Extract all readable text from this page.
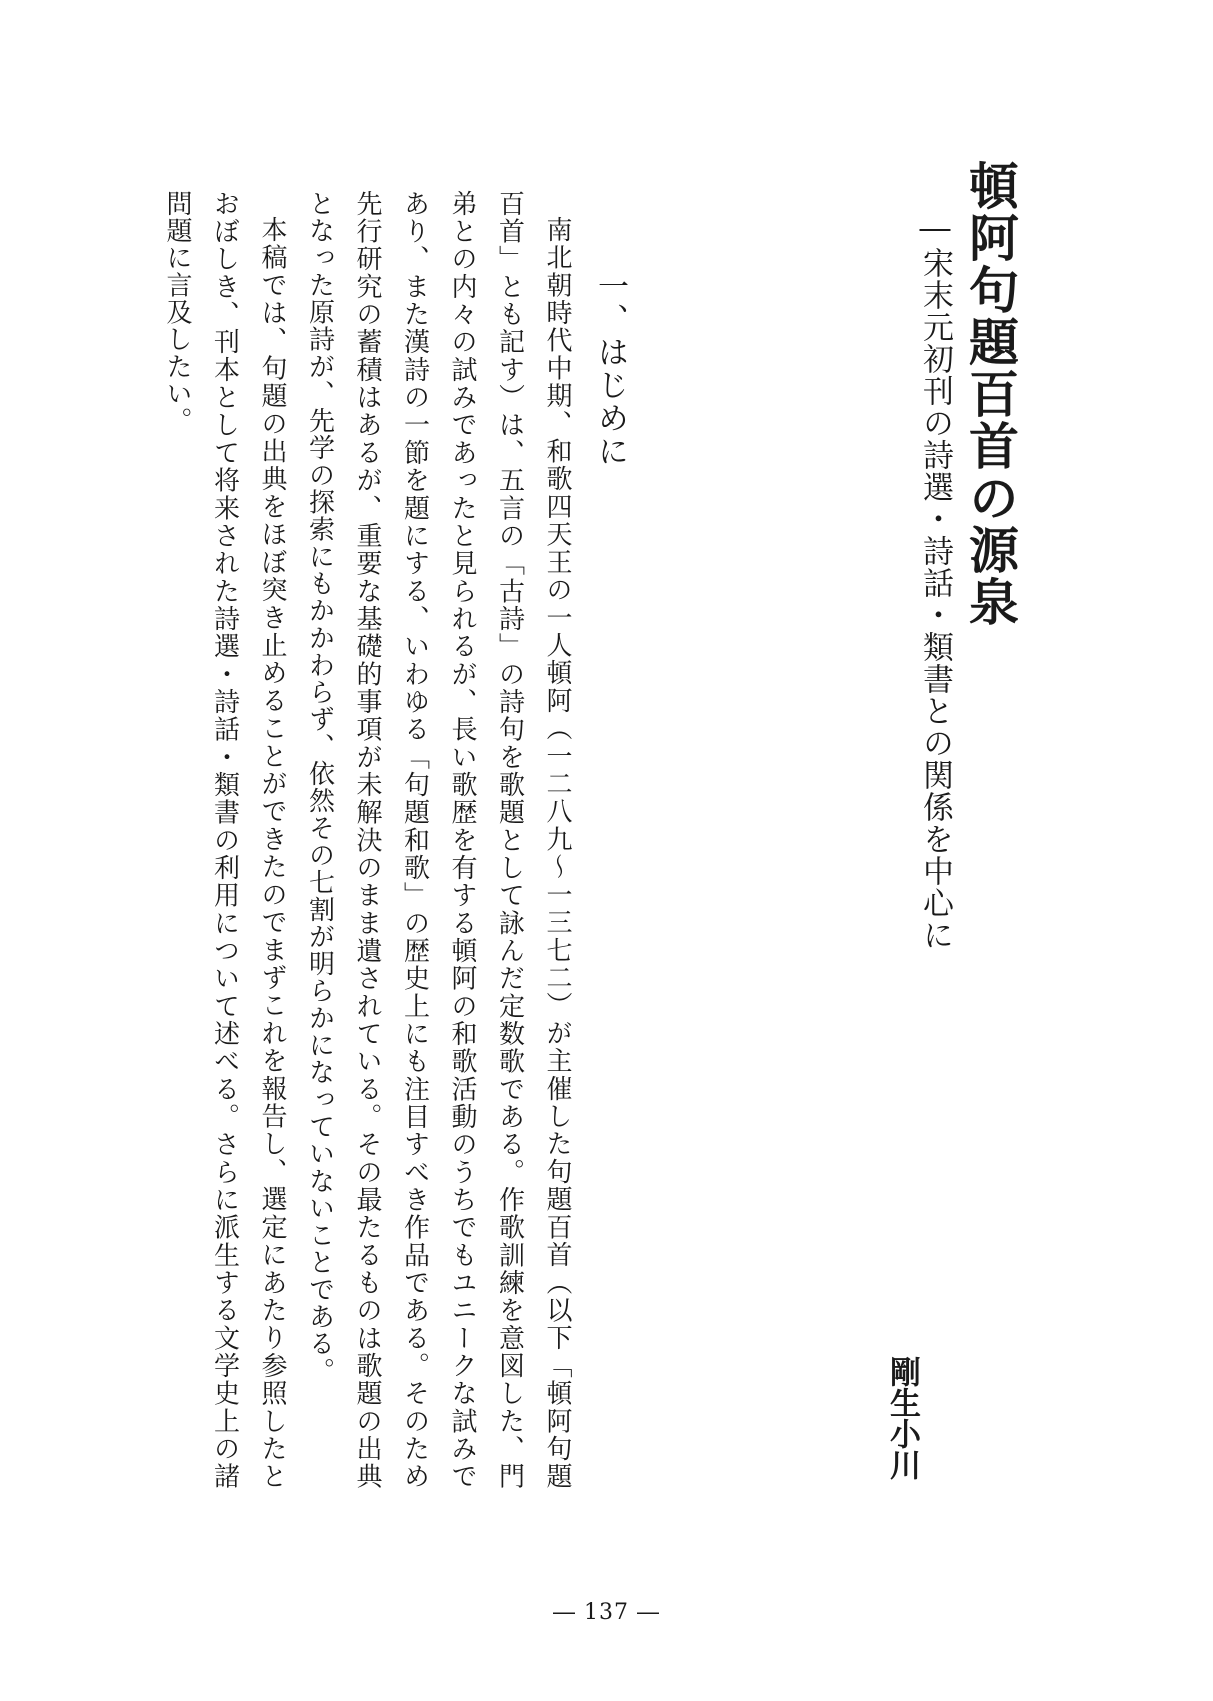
頓阿句題百首の源泉
―宋末元初刊の詩選・詩話・類書との関係を中心に
小川
剛生
一、はじめに

南北朝時代中期、和歌四天王の一人頓阿（一二八九〜一三七二）が主催した句題百首（以下「頓阿句題百首」とも記す）は、五言の「古詩」の詩句を歌題として詠んだ定数歌である。作歌訓練を意図した、門弟との内々の試みであったと見られるが、長い歌歴を有する頓阿の和歌活動のうちでもユニークな試みであり、また漢詩の一節を題にする、いわゆる「句題和歌」の歴史上にも注目すべき作品である。そのため先行研究の蓄積はあるが、重要な基礎的事項が未解決のまま遺されている。その最たるものは歌題の出典となった原詩が、先学の探索にもかかわらず、依然その七割が明らかになっていないことである。

本稿では、句題の出典をほぼ突き止めることができたのでまずこれを報告し、選定にあたり参照したとおぼしき、刊本として将来された詩選・詩話・類書の利用について述べる。さらに派生する文学史上の諸問題に言及したい。

― 137 ―
